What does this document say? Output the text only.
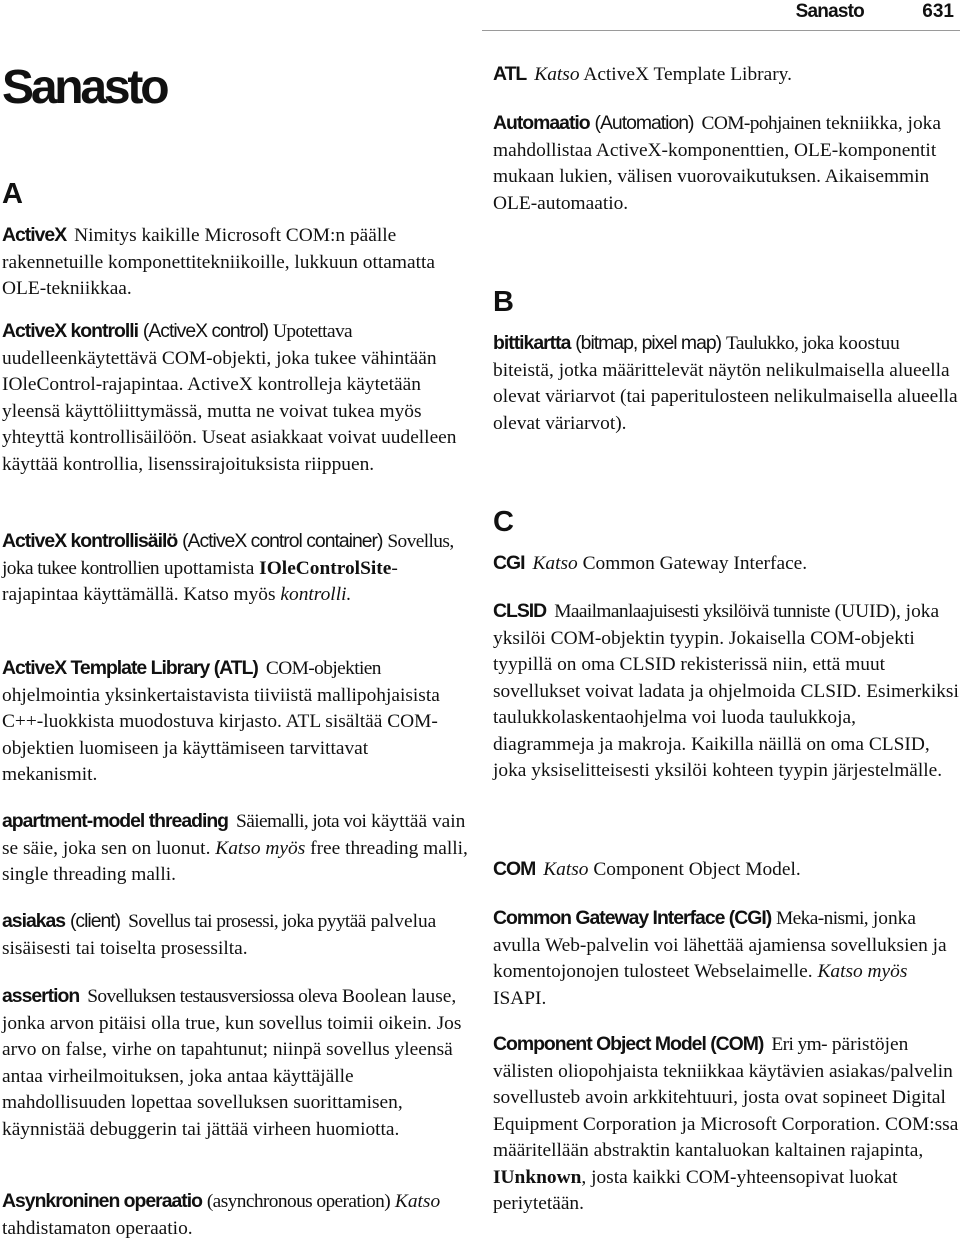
Sanasto	631
Sanasto
A

ActiveX Nimitys kaikille Microsoft COM:n päälle rakennetuille komponettitekniikoille, lukkuun ottamatta OLE-tekniikkaa.

ActiveX kontrolli (ActiveX control) Upotettava uudelleenkäytettävä COM-objekti, joka tukee vähintään IOleControl-rajapintaa. ActiveX kontrolleja käytetään yleensä käyttöliittymässä, mutta ne voivat tukea myös yhteyttä kontrollisäilöön. Useat asiakkaat voivat uudelleen käyttää kontrollia, lisenssirajoituksista riippuen.

ActiveX kontrollisäilö (ActiveX control container) Sovellus, joka tukee kontrollien upottamista IOleControlSite-rajapintaa käyttämällä. Katso myös kontrolli.

ActiveX Template Library (ATL) COM-objektien ohjelmointia yksinkertaistavista tiiviistä mallipohjaisista C++-luokkista muodostuva kirjasto. ATL sisältää COM-objektien luomiseen ja käyttämiseen tarvittavat mekanismit.

apartment-model threading Säiemalli, jota voi käyttää vain se säie, joka sen on luonut. Katso myös free threading malli, single threading malli.

asiakas (client) Sovellus tai prosessi, joka pyytää palvelua sisäisesti tai toiselta prosessilta.

assertion Sovelluksen testausversiossa oleva Boolean lause, jonka arvon pitäisi olla true, kun sovellus toimii oikein. Jos arvo on false, virhe on tapahtunut; niinpä sovellus yleensä antaa virheilmoituksen, joka antaa käyttäjälle mahdollisuuden lopettaa sovelluksen suorittamisen, käynnistää debuggerin tai jättää virheen huomiotta.

Asynkroninen operaatio (asynchronous operation) Katso tahdistamaton operaatio.

ATL Katso ActiveX Template Library.

Automaatio (Automation) COM-pohjainen tekniikka, joka mahdollistaa ActiveX-komponenttien, OLE-komponentit mukaan lukien, välisen vuorovaikutuksen. Aikaisemmin OLE-automaatio.

B

bittikartta (bitmap, pixel map) Taulukko, joka koostuu biteistä, jotka määrittelevät näytön nelikulmaisella alueella olevat väriarvot (tai paperitulosteen nelikulmaisella alueella olevat väriarvot).

C

CGI Katso Common Gateway Interface.

CLSID Maailmanlaajuisesti yksilöivä tunniste (UUID), joka yksilöi COM-objektin tyypin. Jokaisella COM-objekti tyypillä on oma CLSID rekisterissä niin, että muut sovellukset voivat ladata ja ohjelmoida CLSID. Esimerkiksi taulukkolaskentaohjelma voi luoda taulukkoja, diagrammeja ja makroja. Kaikilla näillä on oma CLSID, joka yksiselitteisesti yksilöi kohteen tyypin järjestelmälle.

COM Katso Component Object Model.

Common Gateway Interface (CGI) Meka-nismi, jonka avulla Web-palvelin voi lähettää ajamiensa sovelluksien ja komentojonojen tulosteet Webselaimelle. Katso myös ISAPI.

Component Object Model (COM) Eri ym- päristöjen välisten oliopohjaista tekniikkaa käytävien asiakas/palvelin sovellusteb avoin arkkitehtuuri, josta ovat sopineet Digital Equipment Corporation ja Microsoft Corporation. COM:ssa määritellään abstraktin kantaluokan kaltainen rajapinta, IUnknown, josta kaikki COM-yhteensopivat luokat periytetään.
